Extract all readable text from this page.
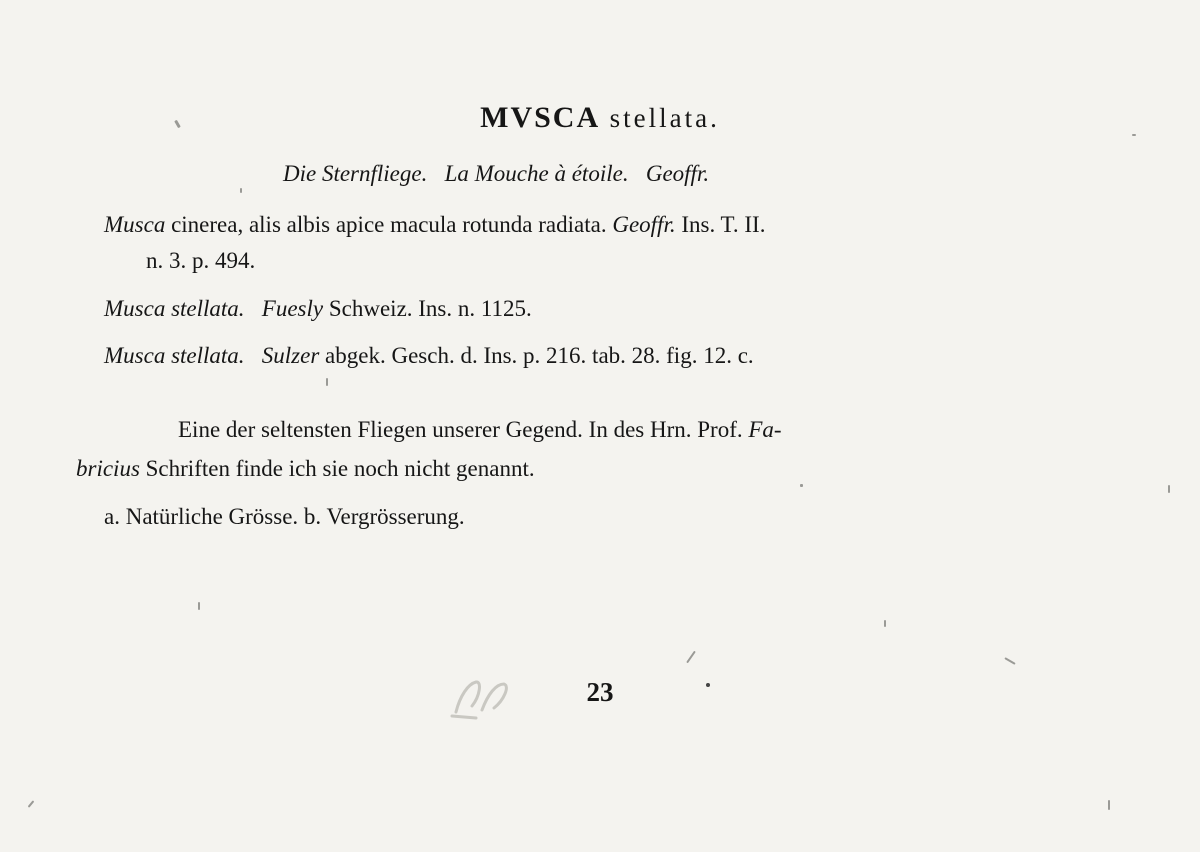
MVSCA stellata.
Die Sternfliege. La Mouche à étoile. Geoffr.
Musca cinerea, alis albis apice macula rotunda radiata. Geoffr. Ins. T. II.
n. 3. p. 494.
Musca stellata. Fuesly Schweiz. Ins. n. 1125.
Musca stellata. Sulzer abgek. Gesch. d. Ins. p. 216. tab. 28. fig. 12. c.
Eine der seltensten Fliegen unserer Gegend. In des Hrn. Prof. Fa-
bricius Schriften finde ich sie noch nicht genannt.
a. Natürliche Grösse. b. Vergrösserung.
23
